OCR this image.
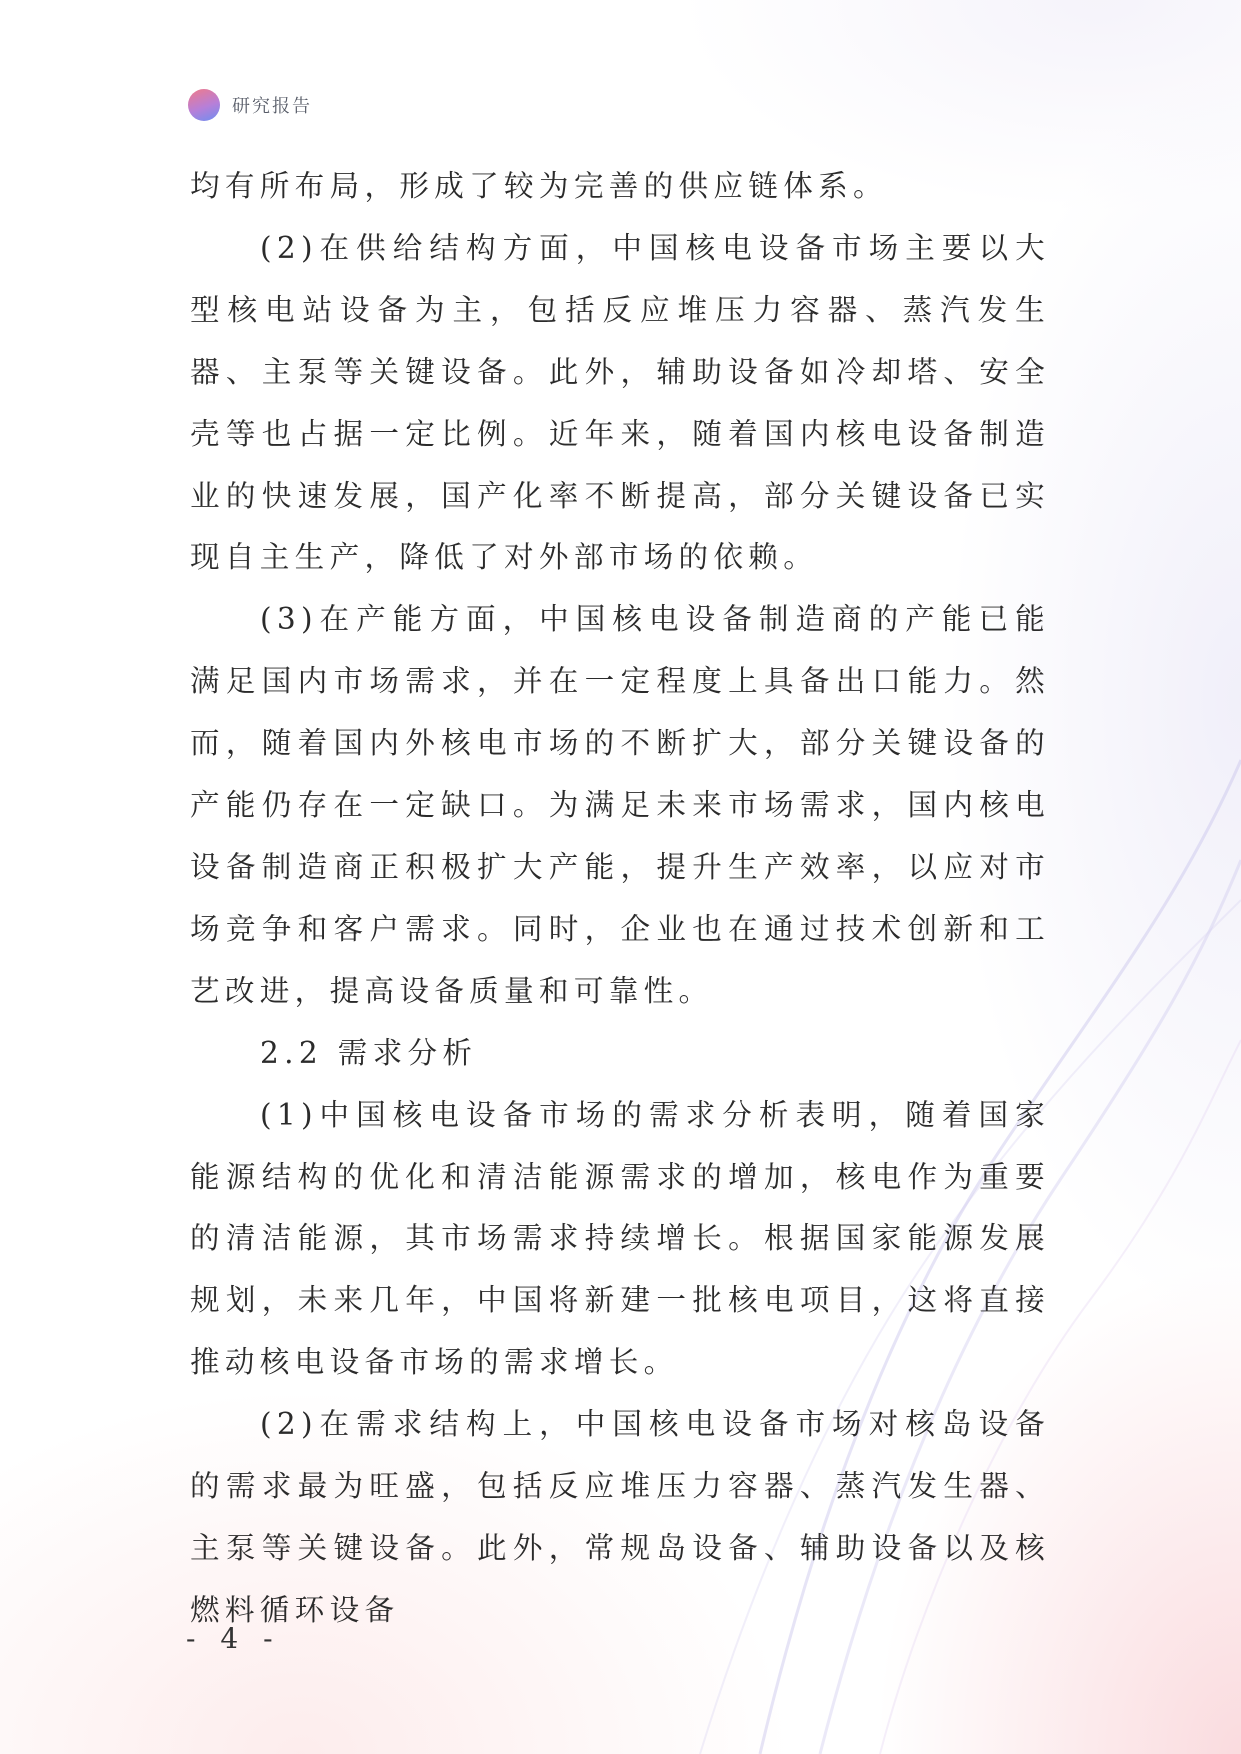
研究报告

均有所布局，形成了较为完善的供应链体系。

(2)在供给结构方面，中国核电设备市场主要以大型核电站设备为主，包括反应堆压力容器、蒸汽发生器、主泵等关键设备。此外，辅助设备如冷却塔、安全壳等也占据一定比例。近年来，随着国内核电设备制造业的快速发展，国产化率不断提高，部分关键设备已实现自主生产，降低了对外部市场的依赖。

(3)在产能方面，中国核电设备制造商的产能已能满足国内市场需求，并在一定程度上具备出口能力。然而，随着国内外核电市场的不断扩大，部分关键设备的产能仍存在一定缺口。为满足未来市场需求，国内核电设备制造商正积极扩大产能，提升生产效率，以应对市场竞争和客户需求。同时，企业也在通过技术创新和工艺改进，提高设备质量和可靠性。

2.2 需求分析

(1)中国核电设备市场的需求分析表明，随着国家能源结构的优化和清洁能源需求的增加，核电作为重要的清洁能源，其市场需求持续增长。根据国家能源发展规划，未来几年，中国将新建一批核电项目，这将直接推动核电设备市场的需求增长。

(2)在需求结构上，中国核电设备市场对核岛设备的需求最为旺盛，包括反应堆压力容器、蒸汽发生器、主泵等关键设备。此外，常规岛设备、辅助设备以及核燃料循环设备

- 4 -
